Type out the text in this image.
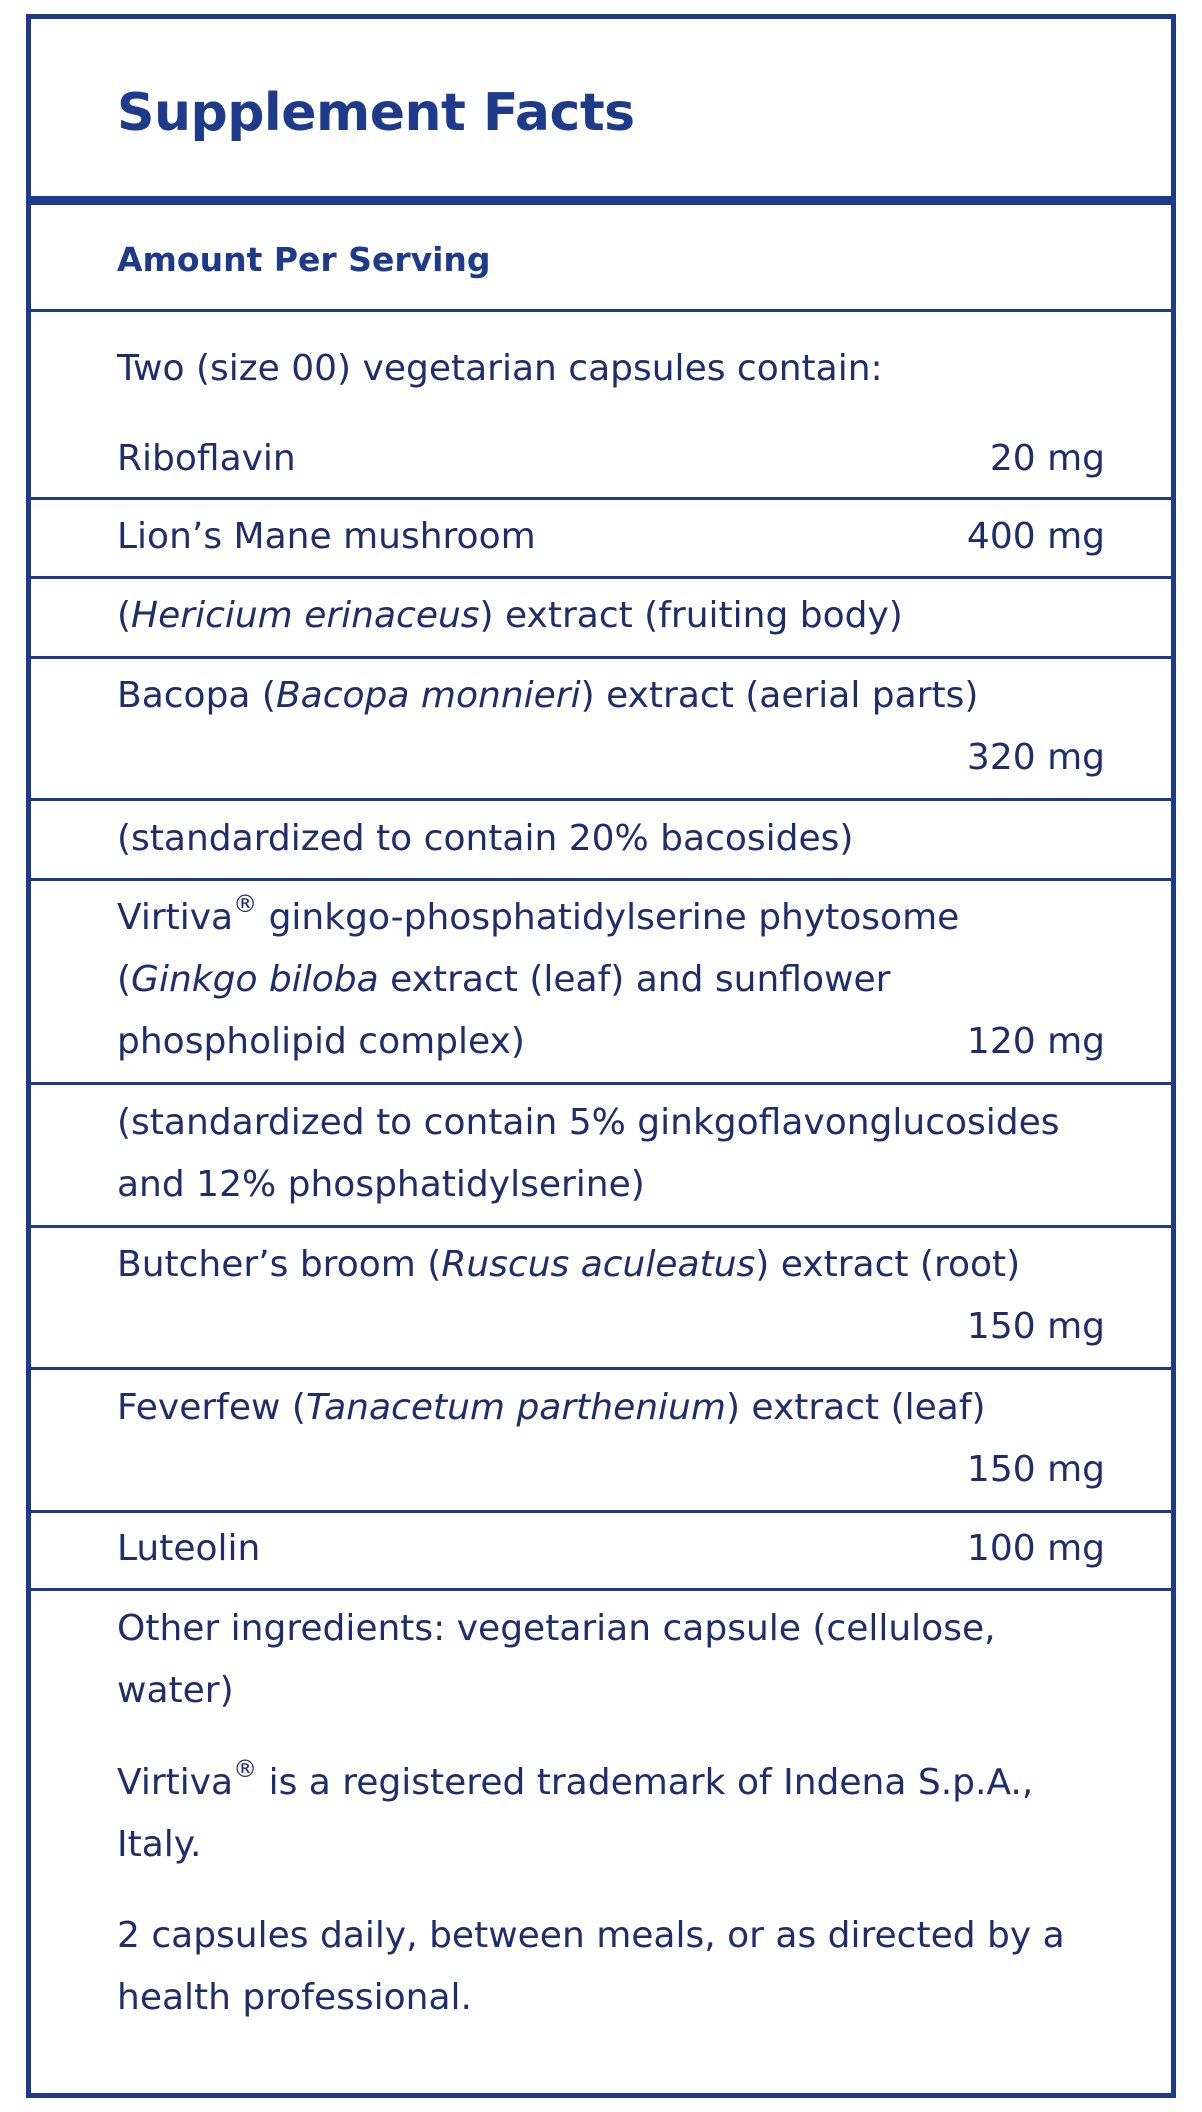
Supplement Facts
Amount Per Serving
Two (size 00) vegetarian capsules contain:
Riboflavin	20 mg
Lion’s Mane mushroom	400 mg
(Hericium erinaceus) extract (fruiting body)
Bacopa (Bacopa monnieri) extract (aerial parts)
320 mg
(standardized to contain 20% bacosides)
Virtiva® ginkgo-phosphatidylserine phytosome
(Ginkgo biloba extract (leaf) and sunflower
phospholipid complex)	120 mg
(standardized to contain 5% ginkgoflavonglucosides
and 12% phosphatidylserine)
Butcher’s broom (Ruscus aculeatus) extract (root)
150 mg
Feverfew (Tanacetum parthenium) extract (leaf)
150 mg
Luteolin	100 mg
Other ingredients: vegetarian capsule (cellulose,
water)
Virtiva® is a registered trademark of Indena S.p.A.,
Italy.
2 capsules daily, between meals, or as directed by a
health professional.
